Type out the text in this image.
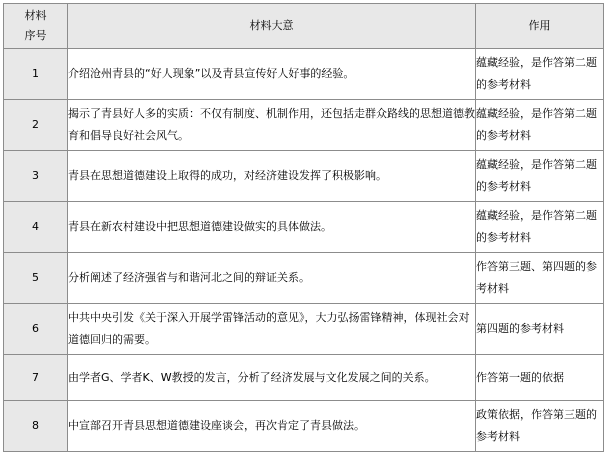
材料
序号	材料大意	作用
1	介绍沧州青县的“好人现象”以及青县宣传好人好事的经验。	蕴藏经验，是作答第二题的参考材料
2	揭示了青县好人多的实质：不仅有制度、机制作用，还包括走群众路线的思想道德教育和倡导良好社会风气。	蕴藏经验，是作答第二题的参考材料
3	青县在思想道德建设上取得的成功，对经济建设发挥了积极影响。	蕴藏经验，是作答第二题的参考材料
4	青县在新农村建设中把思想道德建设做实的具体做法。	蕴藏经验，是作答第二题的参考材料
5	分析阐述了经济强省与和谐河北之间的辩证关系。	作答第三题、第四题的参考材料
6	中共中央引发《关于深入开展学雷锋活动的意见》，大力弘扬雷锋精神，体现社会对道德回归的需要。	第四题的参考材料
7	由学者G、学者K、W教授的发言，分析了经济发展与文化发展之间的关系。	作答第一题的依据
8	中宣部召开青县思想道德建设座谈会，再次肯定了青县做法。	政策依据，作答第三题的参考材料
